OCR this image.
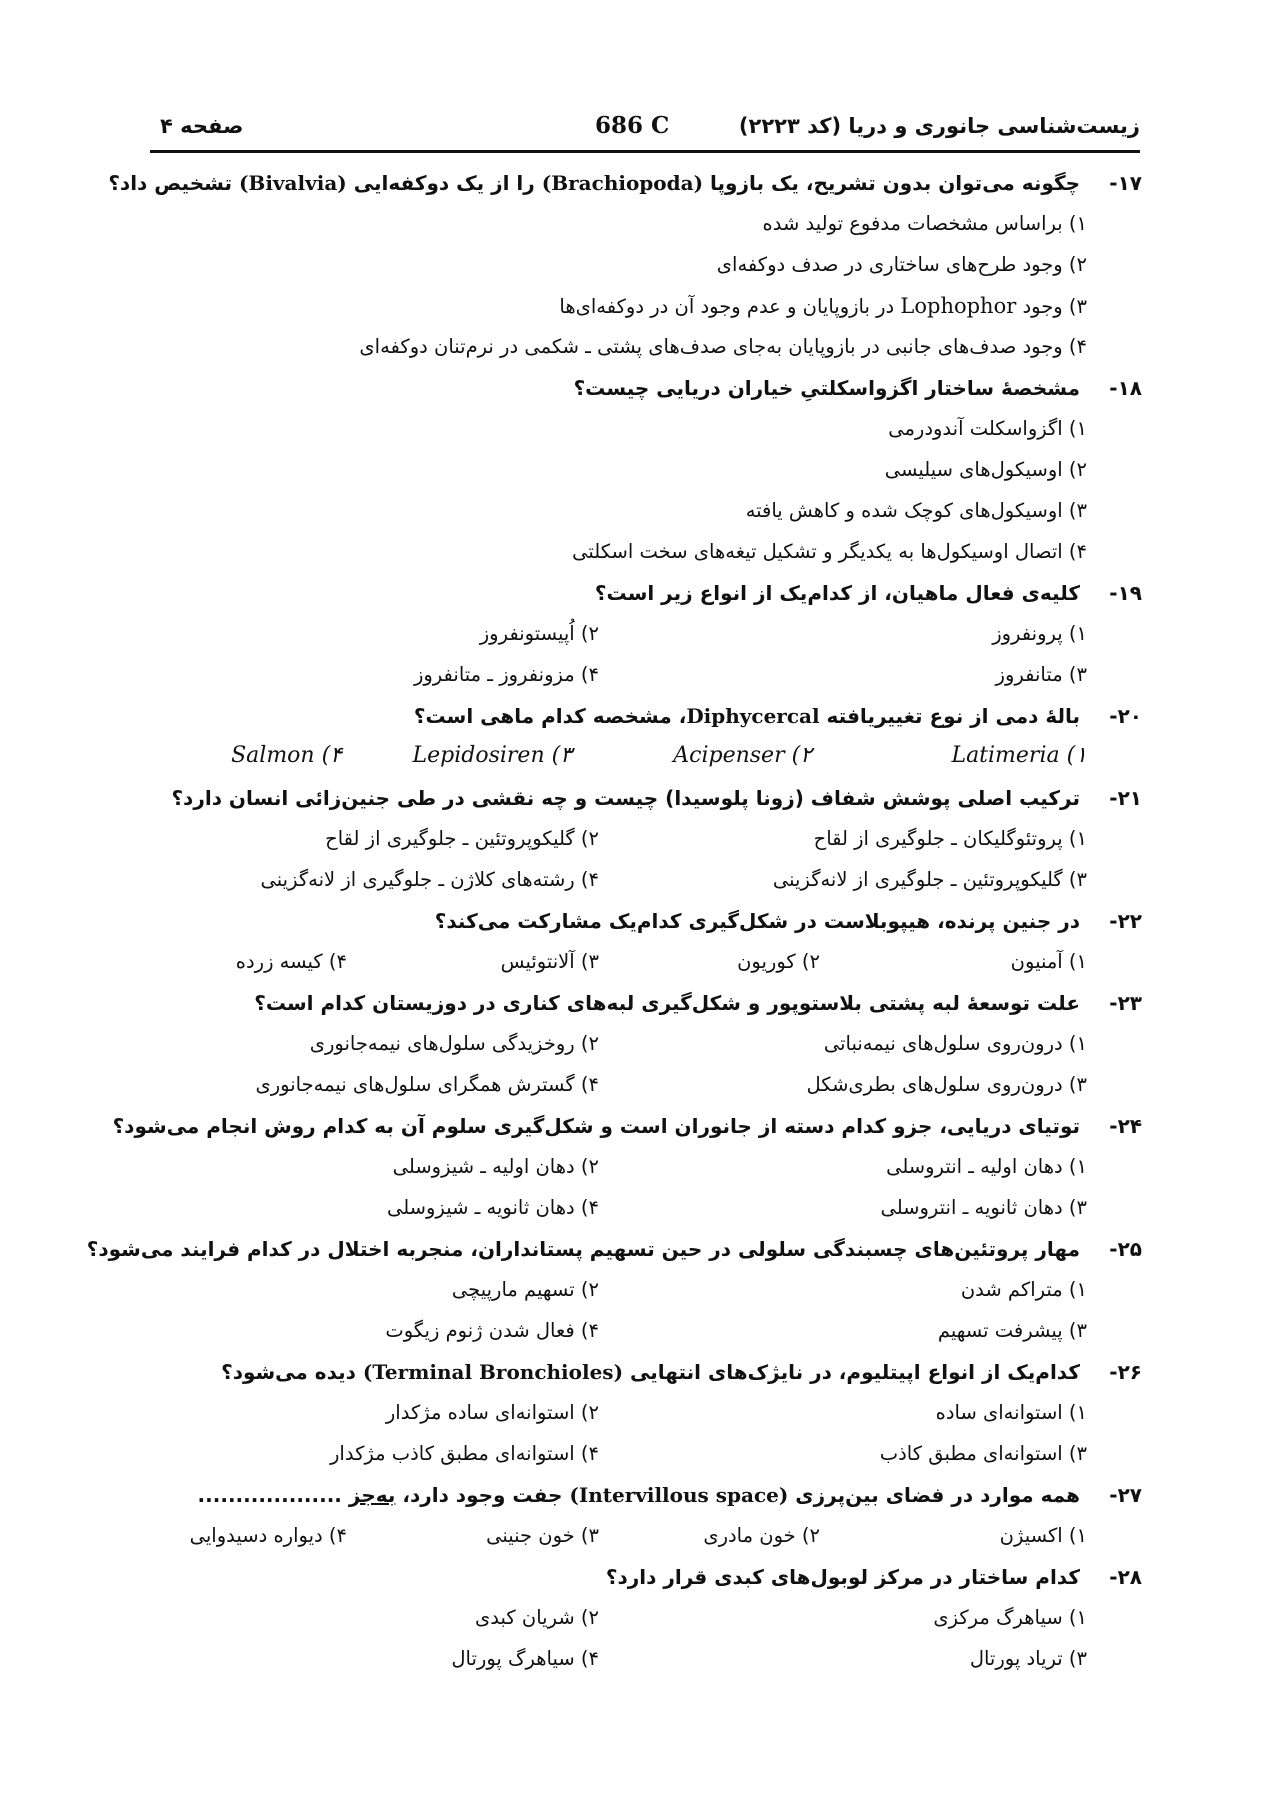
زیست‌شناسی جانوری و دریا (کد ۲۲۲۳)
686 C
صفحه ۴
۱۷-
چگونه می‌توان بدون تشریح، یک بازوپا (Brachiopoda) را از یک دوکفه‌ایی (Bivalvia) تشخیص داد؟
۱) براساس مشخصات مدفوع تولید شده
۲) وجود طرح‌های ساختاری در صدف دوکفه‌ای
۳) وجود Lophophor در بازوپایان و عدم وجود آن در دوکفه‌ای‌ها
۴) وجود صدف‌های جانبی در بازوپایان به‌جای صدف‌های پشتی ـ شکمی در نرم‌تنان دوکفه‌ای
۱۸-
مشخصهٔ ساختار اگزواسکلتیِ خیاران دریایی چیست؟
۱) اگزواسکلت آندودرمی
۲) اوسیکول‌های سیلیسی
۳) اوسیکول‌های کوچک شده و کاهش یافته
۴) اتصال اوسیکول‌ها به یکدیگر و تشکیل تیغه‌های سخت اسکلتی
۱۹-
کلیه‌ی فعال ماهیان، از کدام‌یک از انواع زیر است؟
۱) پرونفروز
۲) اُپیستونفروز
۳) متانفروز
۴) مزونفروز ـ متانفروز
۲۰-
بالهٔ دمی از نوع تغییریافته Diphycercal، مشخصه کدام ماهی است؟
Latimeria (۱
Acipenser (۲
Lepidosiren (۳
Salmon (۴
۲۱-
ترکیب اصلی پوشش شفاف (زونا پلوسیدا) چیست و چه نقشی در طی جنین‌زائی انسان دارد؟
۱) پروتئوگلیکان ـ جلوگیری از لقاح
۲) گلیکوپروتئین ـ جلوگیری از لقاح
۳) گلیکوپروتئین ـ جلوگیری از لانه‌گزینی
۴) رشته‌های کلاژن ـ جلوگیری از لانه‌گزینی
۲۲-
در جنین پرنده، هیپوبلاست در شکل‌گیری کدام‌یک مشارکت می‌کند؟
۱) آمنیون
۲) کوریون
۳) آلانتوئیس
۴) کیسه زرده
۲۳-
علت توسعهٔ لبه پشتی بلاستوپور و شکل‌گیری لبه‌های کناری در دوزیستان کدام است؟
۱) درون‌روی سلول‌های نیمه‌نباتی
۲) روخزیدگی سلول‌های نیمه‌جانوری
۳) درون‌روی سلول‌های بطری‌شکل
۴) گسترش همگرای سلول‌های نیمه‌جانوری
۲۴-
توتیای دریایی، جزو کدام دسته از جانوران است و شکل‌گیری سلوم آن به کدام روش انجام می‌شود؟
۱) دهان اولیه ـ انتروسلی
۲) دهان اولیه ـ شیزوسلی
۳) دهان ثانویه ـ انتروسلی
۴) دهان ثانویه ـ شیزوسلی
۲۵-
مهار پروتئین‌های چسبندگی سلولی در حین تسهیم پستانداران، منجربه اختلال در کدام فرایند می‌شود؟
۱) متراکم شدن
۲) تسهیم مارپیچی
۳) پیشرفت تسهیم
۴) فعال شدن ژنوم زیگوت
۲۶-
کدام‌یک از انواع اپیتلیوم، در نایژک‌های انتهایی (Terminal Bronchioles) دیده می‌شود؟
۱) استوانه‌ای ساده
۲) استوانه‌ای ساده مژکدار
۳) استوانه‌ای مطبق کاذب
۴) استوانه‌ای مطبق کاذب مژکدار
۲۷-
همه موارد در فضای بین‌پرزی (Intervillous space) جفت وجود دارد، به‌جز ...................
۱) اکسیژن
۲) خون مادری
۳) خون جنینی
۴) دیواره دسیدوایی
۲۸-
کدام ساختار در مرکز لوبول‌های کبدی قرار دارد؟
۱) سیاهرگ مرکزی
۲) شریان کبدی
۳) تریاد پورتال
۴) سیاهرگ پورتال
